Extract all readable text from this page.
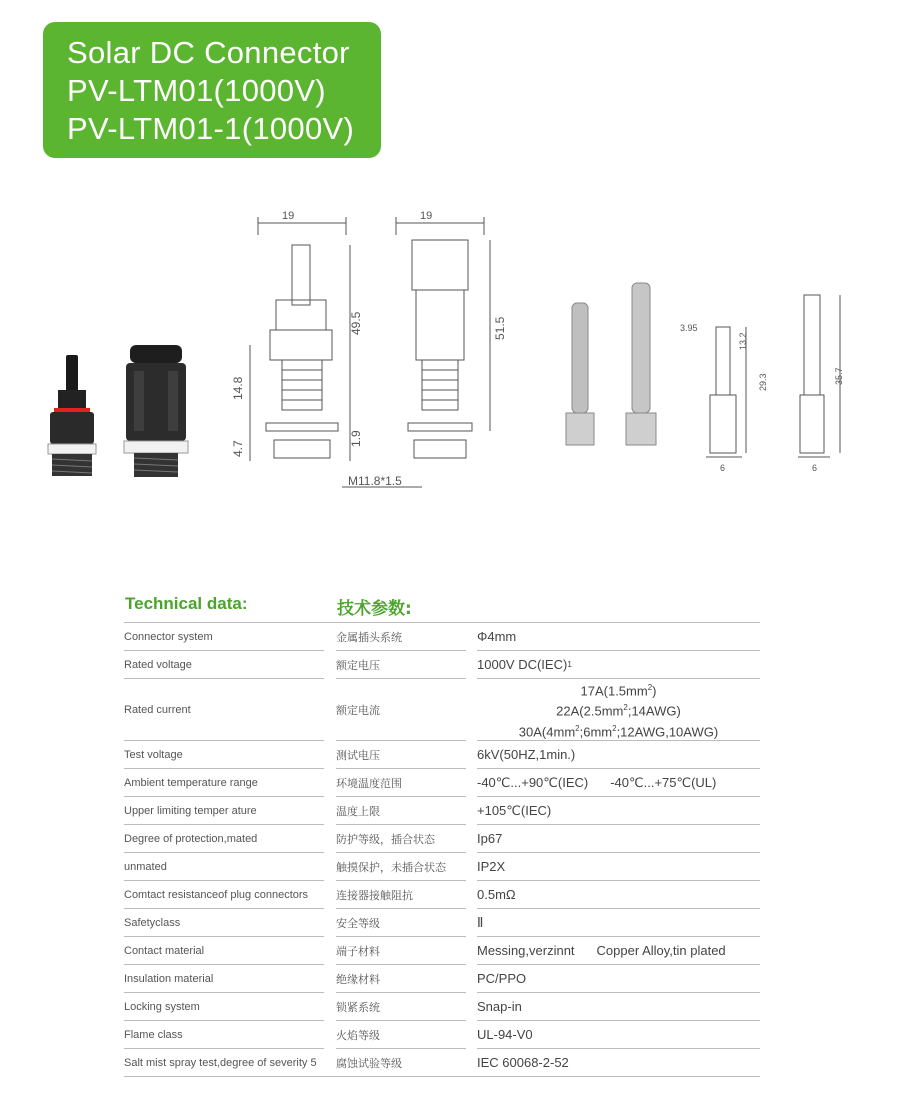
Solar DC Connector
PV-LTM01(1000V)
PV-LTM01-1(1000V)
19
49.5
14.8
4.7
1.9
19
51.5
M11.8*1.5
3.95
13.2
29.3
6
35.7
6
Technical data:	技术参数:
Connector system	金属插头系统	Φ4mm
Rated voltage	额定电压	1000V DC(IEC) 1
Rated current	额定电流
$17A(1.5mm^2)$
$22A(2.5mm^2;14AWG)$
$30A(4mm^2;6mm^2;12AWG,10AWG)$
Test voltage	测试电压	6kV(50HZ,1min.)
Ambient temperature range	环境温度范围	-40℃...+90℃(IEC) -40℃...+75℃(UL)
Upper limiting temper ature	温度上限	+105℃(IEC)
Degree of protection,mated	防护等级，插合状态	Ip67
unmated	触摸保护，未插合状态	IP2X
Comtact resistanceof plug connectors	连接器接触阻抗	0.5mΩ
Safetyclass	安全等级	Ⅱ
Contact material	端子材料	Messing,verzinnt Copper Alloy,tin plated
Insulation material	绝缘材料	PC/PPO
Locking system	锁紧系统	Snap-in
Flame class	火焰等级	UL-94-V0
Salt mist spray test,degree of severity 5	腐蚀试验等级	IEC 60068-2-52
